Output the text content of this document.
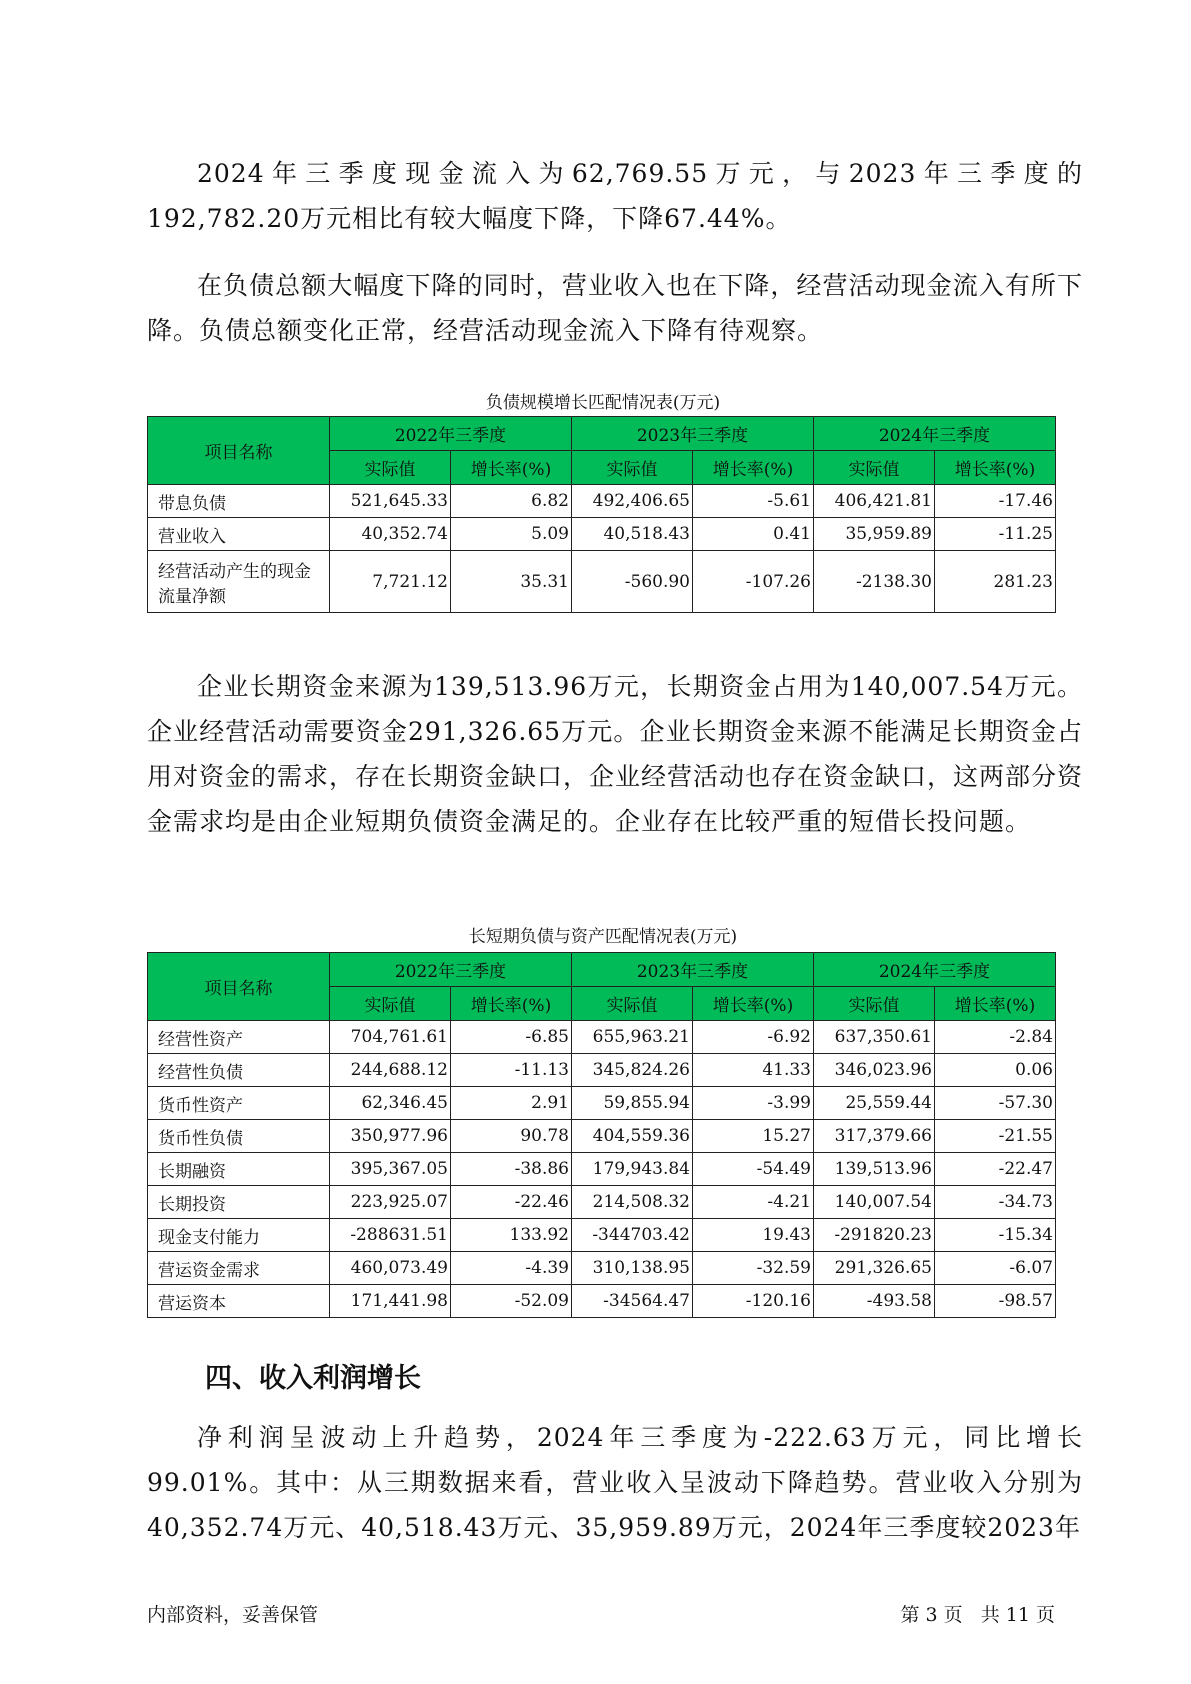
2024年三季度现金流入为62,769.55万元，与2023年三季度的192,782.20万元相比有较大幅度下降，下降67.44%。

在负债总额大幅度下降的同时，营业收入也在下降，经营活动现金流入有所下降。负债总额变化正常，经营活动现金流入下降有待观察。

负债规模增长匹配情况表(万元)
项目名称	2022年三季度		2023年三季度		2024年三季度	
	实际值	增长率(%)	实际值	增长率(%)	实际值	增长率(%)
带息负债	521,645.33	6.82	492,406.65	-5.61	406,421.81	-17.46
营业收入	40,352.74	5.09	40,518.43	0.41	35,959.89	-11.25
经营活动产生的现金流量净额	7,721.12	35.31	-560.90	-107.26	-2138.30	281.23

企业长期资金来源为139,513.96万元，长期资金占用为140,007.54万元。企业经营活动需要资金291,326.65万元。企业长期资金来源不能满足长期资金占用对资金的需求，存在长期资金缺口，企业经营活动也存在资金缺口，这两部分资金需求均是由企业短期负债资金满足的。企业存在比较严重的短借长投问题。

长短期负债与资产匹配情况表(万元)
项目名称	2022年三季度		2023年三季度		2024年三季度	
	实际值	增长率(%)	实际值	增长率(%)	实际值	增长率(%)
经营性资产	704,761.61	-6.85	655,963.21	-6.92	637,350.61	-2.84
经营性负债	244,688.12	-11.13	345,824.26	41.33	346,023.96	0.06
货币性资产	62,346.45	2.91	59,855.94	-3.99	25,559.44	-57.30
货币性负债	350,977.96	90.78	404,559.36	15.27	317,379.66	-21.55
长期融资	395,367.05	-38.86	179,943.84	-54.49	139,513.96	-22.47
长期投资	223,925.07	-22.46	214,508.32	-4.21	140,007.54	-34.73
现金支付能力	-288631.51	133.92	-344703.42	19.43	-291820.23	-15.34
营运资金需求	460,073.49	-4.39	310,138.95	-32.59	291,326.65	-6.07
营运资本	171,441.98	-52.09	-34564.47	-120.16	-493.58	-98.57
四、收入利润增长

净利润呈波动上升趋势，2024年三季度为-222.63万元，同比增长99.01%。其中：从三期数据来看，营业收入呈波动下降趋势。营业收入分别为40,352.74万元、40,518.43万元、35,959.89万元，2024年三季度较2023年

内部资料，妥善保管	第 3 页   共 11 页
